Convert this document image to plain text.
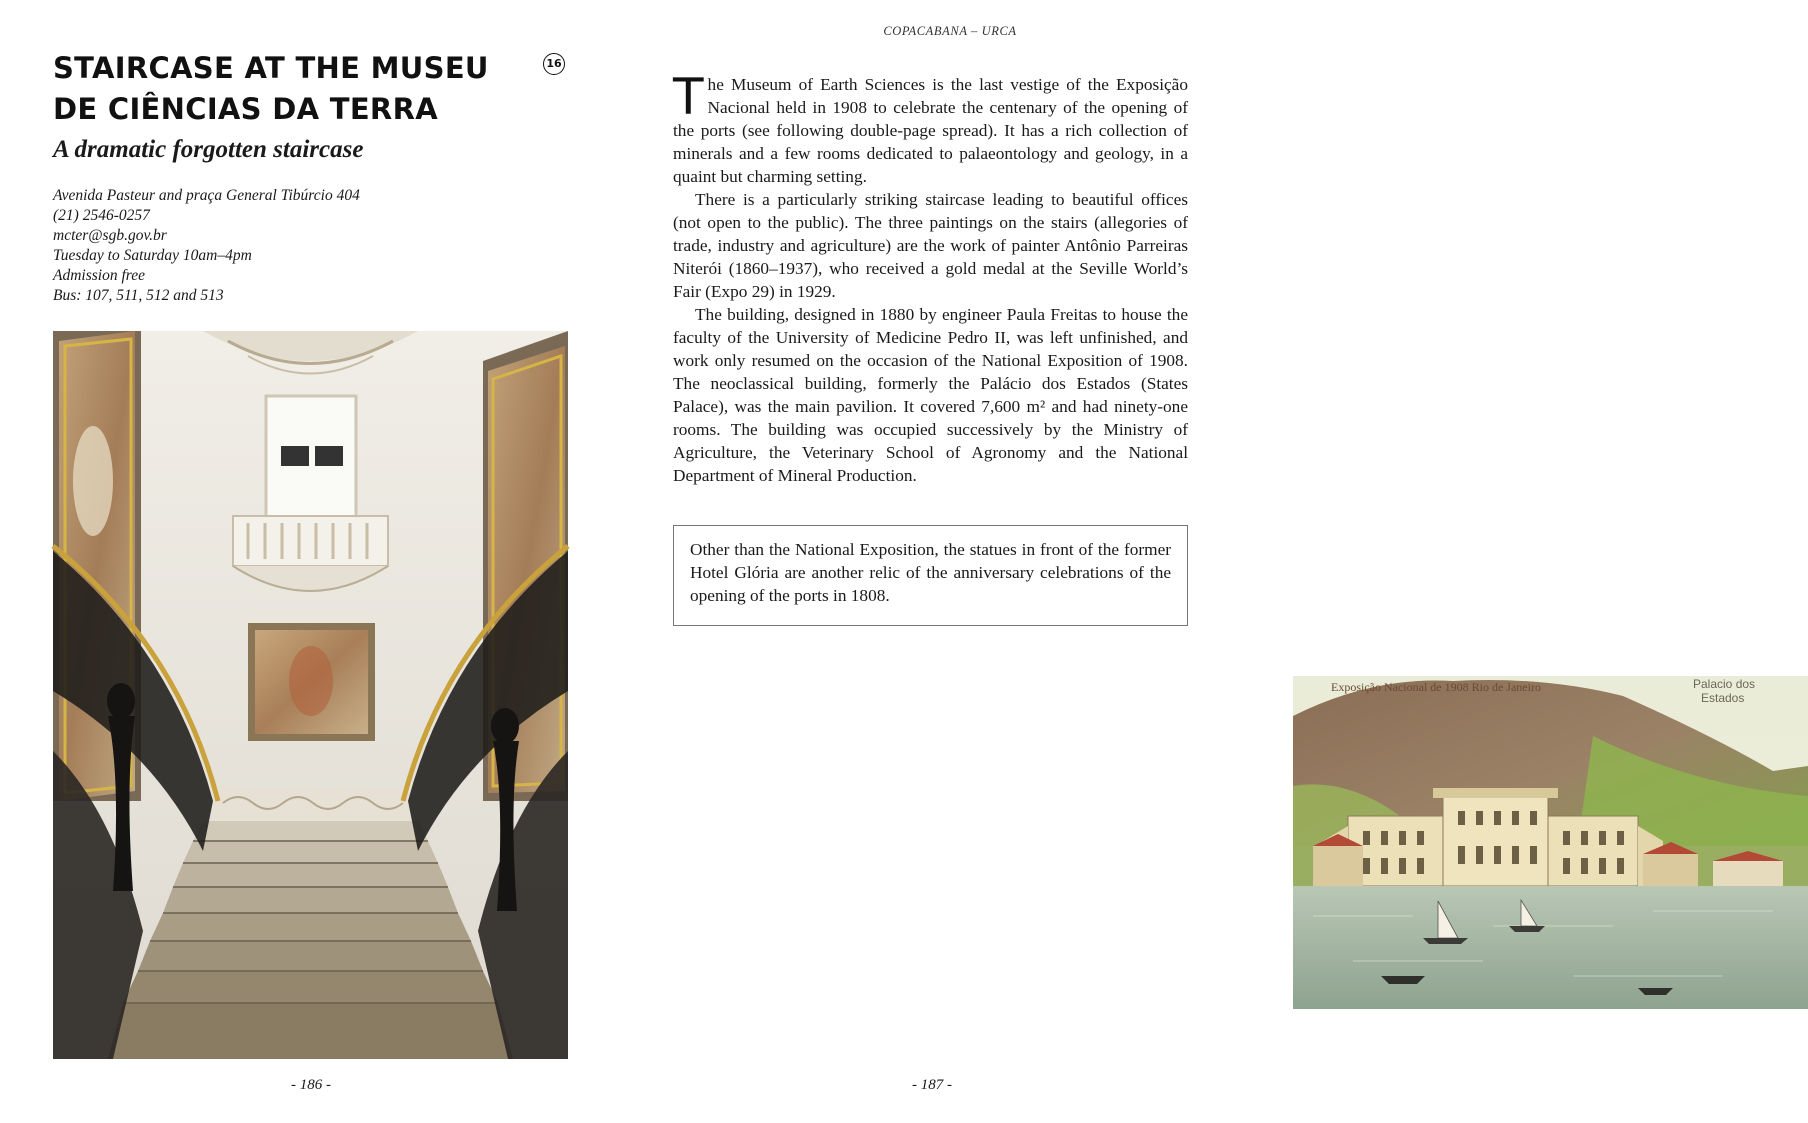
STAIRCASE AT THE MUSEU
DE CIÊNCIAS DA TERRA
16
A dramatic forgotten staircase
Avenida Pasteur and praça General Tibúrcio 404
(21) 2546-0257
mcter@sgb.gov.br
Tuesday to Saturday 10am–4pm
Admission free
Bus: 107, 511, 512 and 513
- 186 -
COPACABANA – URCA

The Museum of Earth Sciences is the last vestige of the Exposição Nacional held in 1908 to celebrate the centenary of the opening of the ports (see following double-page spread). It has a rich collection of minerals and a few rooms dedicated to palaeontology and geology, in a quaint but charming setting.

There is a particularly striking staircase leading to beautiful offices (not open to the public). The three paintings on the stairs (allegories of trade, industry and agriculture) are the work of painter Antônio Parreiras Niterói (1860–1937), who received a gold medal at the Seville World’s Fair (Expo 29) in 1929.

The building, designed in 1880 by engineer Paula Freitas to house the faculty of the University of Medicine Pedro II, was left unfinished, and work only resumed on the occasion of the National Exposition of 1908. The neoclassical building, formerly the Palácio dos Estados (States Palace), was the main pavilion. It covered 7,600 m² and had ninety-one rooms. The building was occupied successively by the Ministry of Agriculture, the Veterinary School of Agronomy and the National Department of Mineral Production.

Other than the National Exposition, the statues in front of the former Hotel Glória are another relic of the anniversary celebrations of the opening of the ports in 1808.
Exposição Nacional de 1908 Rio de Janeiro	Palacio dos
Estados
- 187 -
